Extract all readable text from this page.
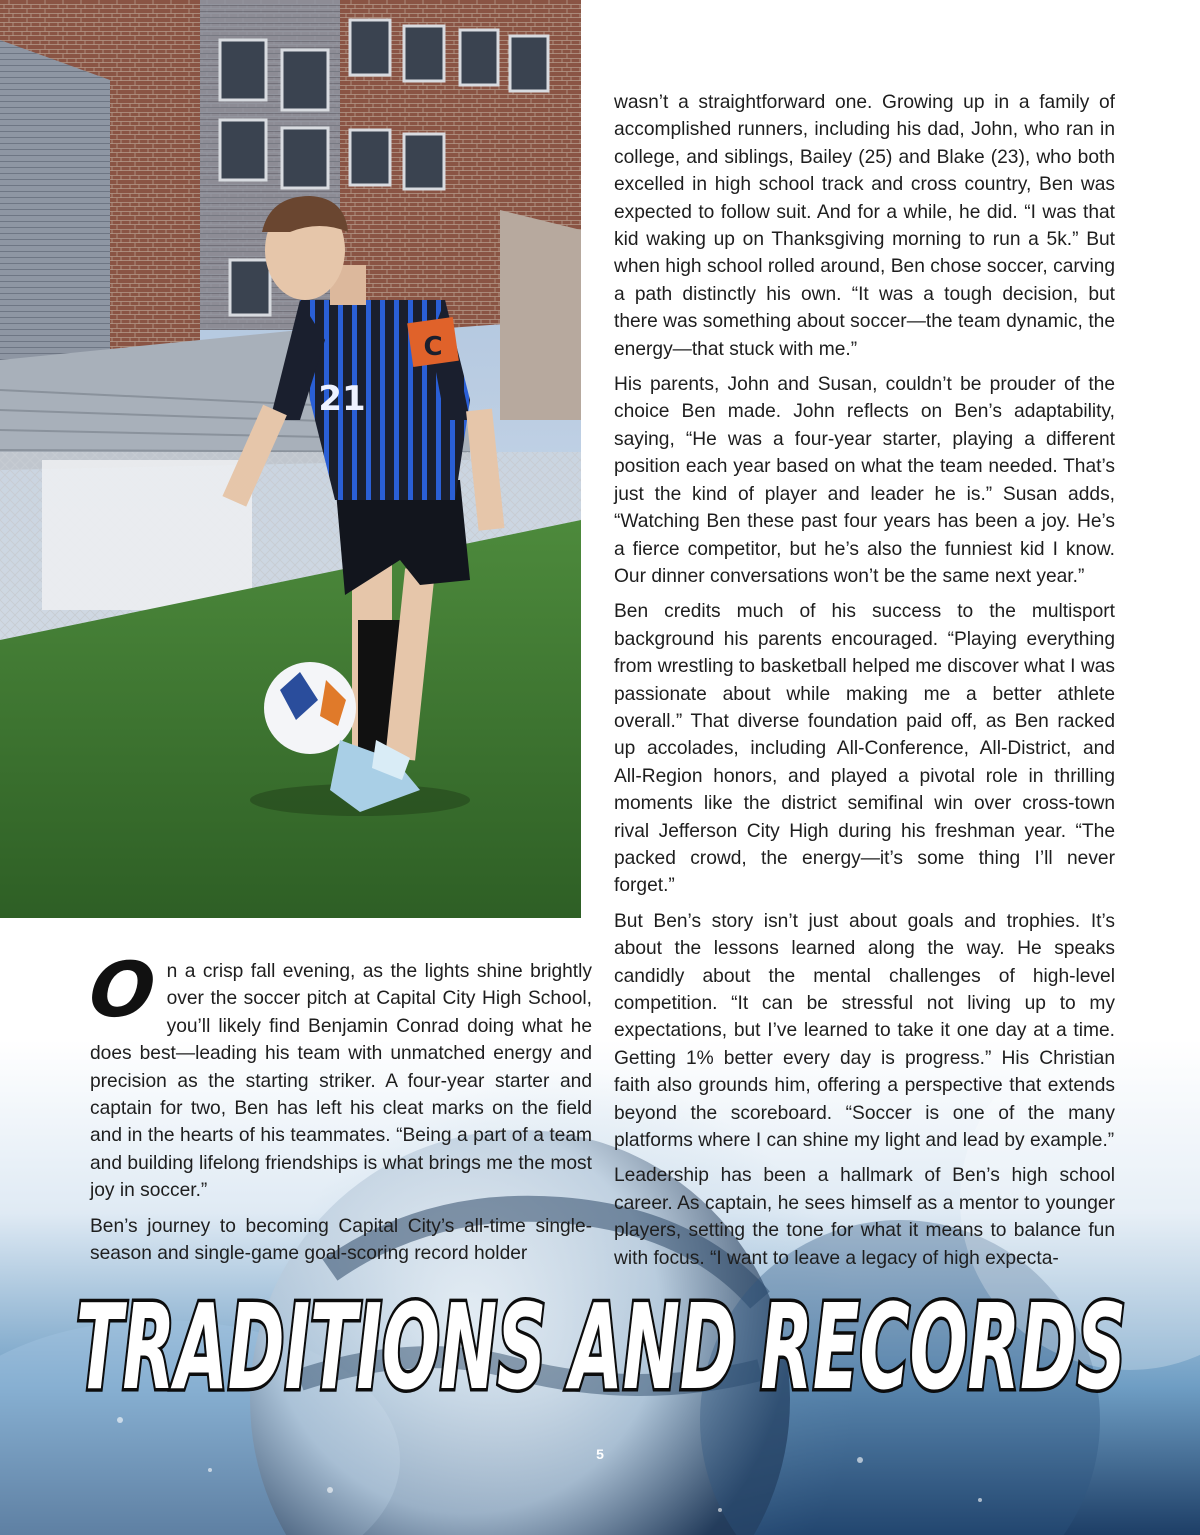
C
21

wasn’t a straightforward one. Growing up in a family of accomplished runners, including his dad, John, who ran in college, and siblings, Bailey (25) and Blake (23), who both excelled in high school track and cross country, Ben was expected to follow suit. And for a while, he did. “I was that kid waking up on Thanksgiving morning to run a 5k.” But when high school rolled around, Ben chose soccer, carving a path distinctly his own. “It was a tough decision, but there was something about soccer—the team dynamic, the energy—that stuck with me.”

His parents, John and Susan, couldn’t be prouder of the choice Ben made. John reflects on Ben’s adaptability, saying, “He was a four-year starter, playing a different position each year based on what the team needed. That’s just the kind of player and leader he is.” Susan adds, “Watching Ben these past four years has been a joy. He’s a fierce competitor, but he’s also the funniest kid I know. Our dinner conversations won’t be the same next year.”

Ben credits much of his success to the multisport background his parents encouraged. “Playing everything from wrestling to basketball helped me discover what I was passionate about while making me a better athlete overall.” That diverse foundation paid off, as Ben racked up accolades, including All-Conference, All-District, and All-Region honors, and played a pivotal role in thrilling moments like the district semifinal win over cross-town rival Jefferson City High during his freshman year. “The packed crowd, the energy—it’s some thing I’ll never forget.”

But Ben’s story isn’t just about goals and trophies. It’s about the lessons learned along the way. He speaks candidly about the mental challenges of high-level competition. “It can be stressful not living up to my expectations, but I’ve learned to take it one day at a time. Getting 1% better every day is progress.” His Christian faith also grounds him, offering a perspective that extends beyond the scoreboard. “Soccer is one of the many platforms where I can shine my light and lead by example.”

Leadership has been a hallmark of Ben’s high school career. As captain, he sees himself as a mentor to younger players, setting the tone for what it means to balance fun with focus. “I want to leave a legacy of high expecta-

On a crisp fall evening, as the lights shine brightly over the soccer pitch at Capital City High School, you’ll likely find Benjamin Conrad doing what he does best—leading his team with unmatched energy and precision as the starting striker. A four-year starter and captain for two, Ben has left his cleat marks on the field and in the hearts of his teammates. “Being a part of a team and building lifelong friendships is what brings me the most joy in soccer.”

Ben’s journey to becoming Capital City’s all-time single-season and single-game goal-scoring record holder

TRADITIONS AND RECORDS
5
